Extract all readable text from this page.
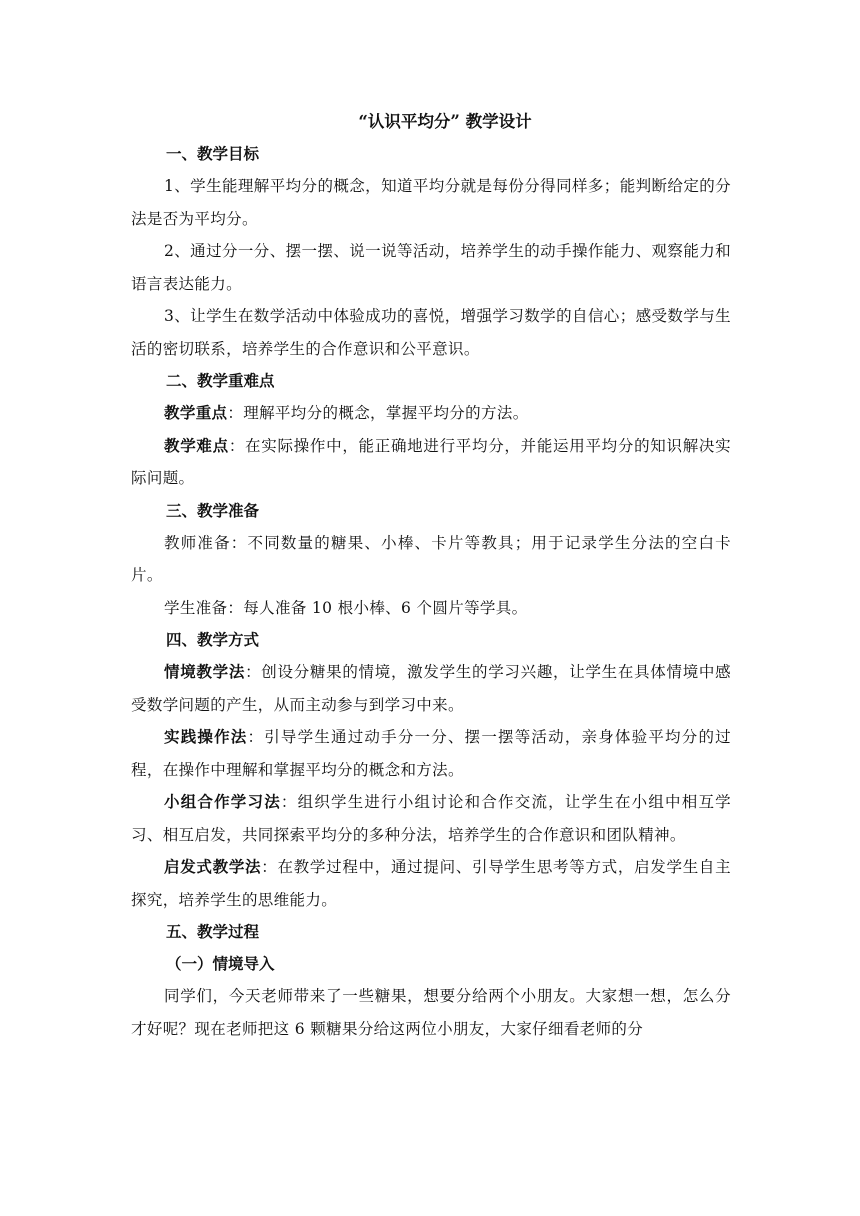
“认识平均分” 教学设计
一、教学目标

1、学生能理解平均分的概念，知道平均分就是每份分得同样多；能判断给定的分法是否为平均分。

2、通过分一分、摆一摆、说一说等活动，培养学生的动手操作能力、观察能力和语言表达能力。

3、让学生在数学活动中体验成功的喜悦，增强学习数学的自信心；感受数学与生活的密切联系，培养学生的合作意识和公平意识。

二、教学重难点

教学重点：理解平均分的概念，掌握平均分的方法。

教学难点：在实际操作中，能正确地进行平均分，并能运用平均分的知识解决实际问题。

三、教学准备

教师准备：不同数量的糖果、小棒、卡片等教具；用于记录学生分法的空白卡片。

学生准备：每人准备 10 根小棒、6 个圆片等学具。

四、教学方式

情境教学法：创设分糖果的情境，激发学生的学习兴趣，让学生在具体情境中感受数学问题的产生，从而主动参与到学习中来。

实践操作法：引导学生通过动手分一分、摆一摆等活动，亲身体验平均分的过程，在操作中理解和掌握平均分的概念和方法。

小组合作学习法：组织学生进行小组讨论和合作交流，让学生在小组中相互学习、相互启发，共同探索平均分的多种分法，培养学生的合作意识和团队精神。

启发式教学法：在教学过程中，通过提问、引导学生思考等方式，启发学生自主探究，培养学生的思维能力。

五、教学过程
（一）情境导入

同学们，今天老师带来了一些糖果，想要分给两个小朋友。大家想一想，怎么分才好呢？现在老师把这 6 颗糖果分给这两位小朋友，大家仔细看老师的分
